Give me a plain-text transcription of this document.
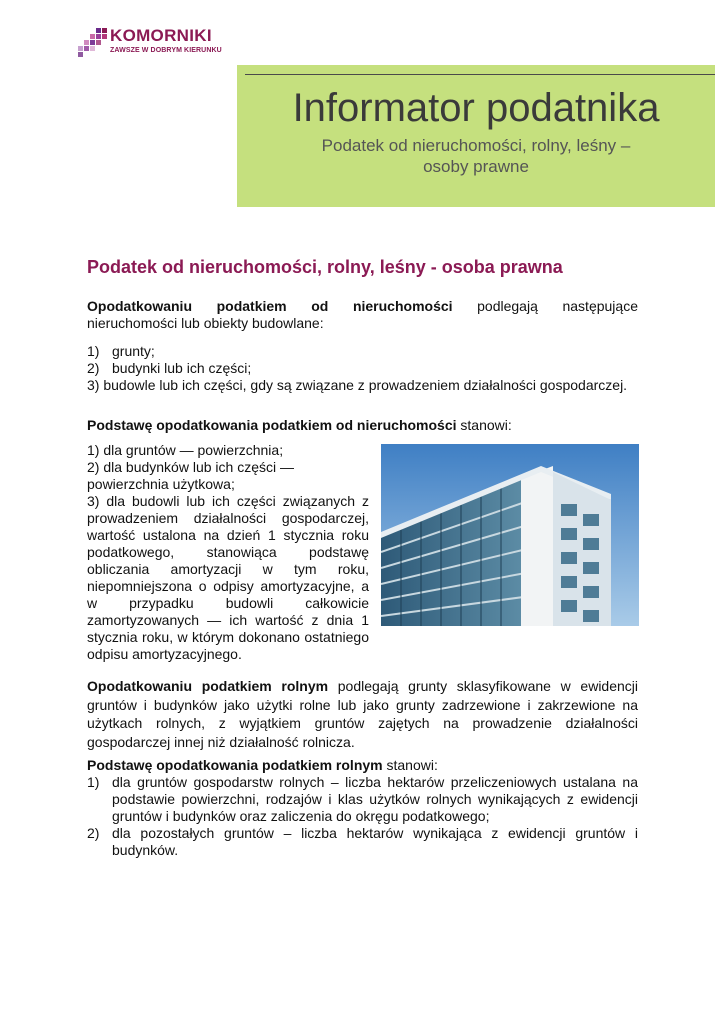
KOMORNIKI
ZAWSZE W DOBRYM KIERUNKU
Informator podatnika
Podatek od nieruchomości, rolny, leśny –
osoby prawne
Podatek od nieruchomości, rolny, leśny - osoba prawna
Opodatkowaniu podatkiem od nieruchomości podlegają następujące
nieruchomości lub obiekty budowlane:
1) grunty;
2) budynki lub ich części;
3) budowle lub ich części, gdy są związane z prowadzeniem działalności gospodarczej.
Podstawę opodatkowania podatkiem od nieruchomości stanowi:
1) dla gruntów — powierzchnia;
2) dla budynków lub ich części — powierzchnia użytkowa;
3) dla budowli lub ich części związanych z prowadzeniem działalności gospodarczej, wartość ustalona na dzień 1 stycznia roku podatkowego, stanowiąca podstawę obliczania amortyzacji w tym roku, niepomniejszona o odpisy amortyzacyjne, a w przypadku budowli całkowicie zamortyzowanych — ich wartość z dnia 1 stycznia roku, w którym dokonano ostatniego odpisu amortyzacyjnego.
Opodatkowaniu podatkiem rolnym podlegają grunty sklasyfikowane w ewidencji gruntów i budynków jako użytki rolne lub jako grunty zadrzewione i zakrzewione na użytkach rolnych, z wyjątkiem gruntów zajętych na prowadzenie działalności gospodarczej innej niż działalność rolnicza.
Podstawę opodatkowania podatkiem rolnym stanowi:
1) dla gruntów gospodarstw rolnych – liczba hektarów przeliczeniowych ustalana na podstawie powierzchni, rodzajów i klas użytków rolnych wynikających z ewidencji gruntów i budynków oraz zaliczenia do okręgu podatkowego;
2) dla pozostałych gruntów – liczba hektarów wynikająca z ewidencji gruntów i budynków.
